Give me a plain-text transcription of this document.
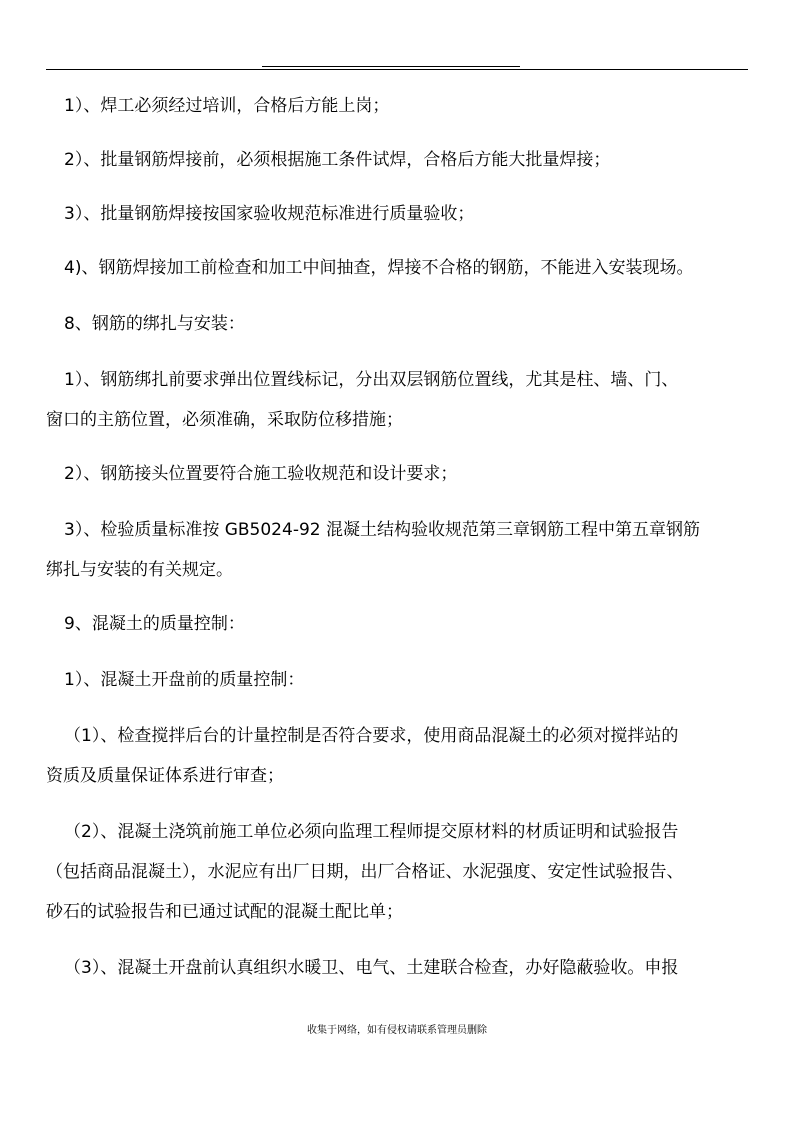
1）、焊工必须经过培训，合格后方能上岗；
2）、批量钢筋焊接前，必须根据施工条件试焊，合格后方能大批量焊接；
3）、批量钢筋焊接按国家验收规范标准进行质量验收；
4)、钢筋焊接加工前检查和加工中间抽查，焊接不合格的钢筋，不能进入安装现场。
8、钢筋的绑扎与安装：
1）、钢筋绑扎前要求弹出位置线标记，分出双层钢筋位置线，尤其是柱、墙、门、
窗口的主筋位置，必须准确，采取防位移措施；
2）、钢筋接头位置要符合施工验收规范和设计要求；
3）、检验质量标准按 GB5024-92 混凝土结构验收规范第三章钢筋工程中第五章钢筋
绑扎与安装的有关规定。
9、混凝土的质量控制：
1）、混凝土开盘前的质量控制：
（1）、检查搅拌后台的计量控制是否符合要求，使用商品混凝土的必须对搅拌站的
资质及质量保证体系进行审查；
（2）、混凝土浇筑前施工单位必须向监理工程师提交原材料的材质证明和试验报告
（包括商品混凝土），水泥应有出厂日期，出厂合格证、水泥强度、安定性试验报告、
砂石的试验报告和已通过试配的混凝土配比单；
（3）、混凝土开盘前认真组织水暖卫、电气、土建联合检查，办好隐蔽验收。申报
收集于网络，如有侵权请联系管理员删除
